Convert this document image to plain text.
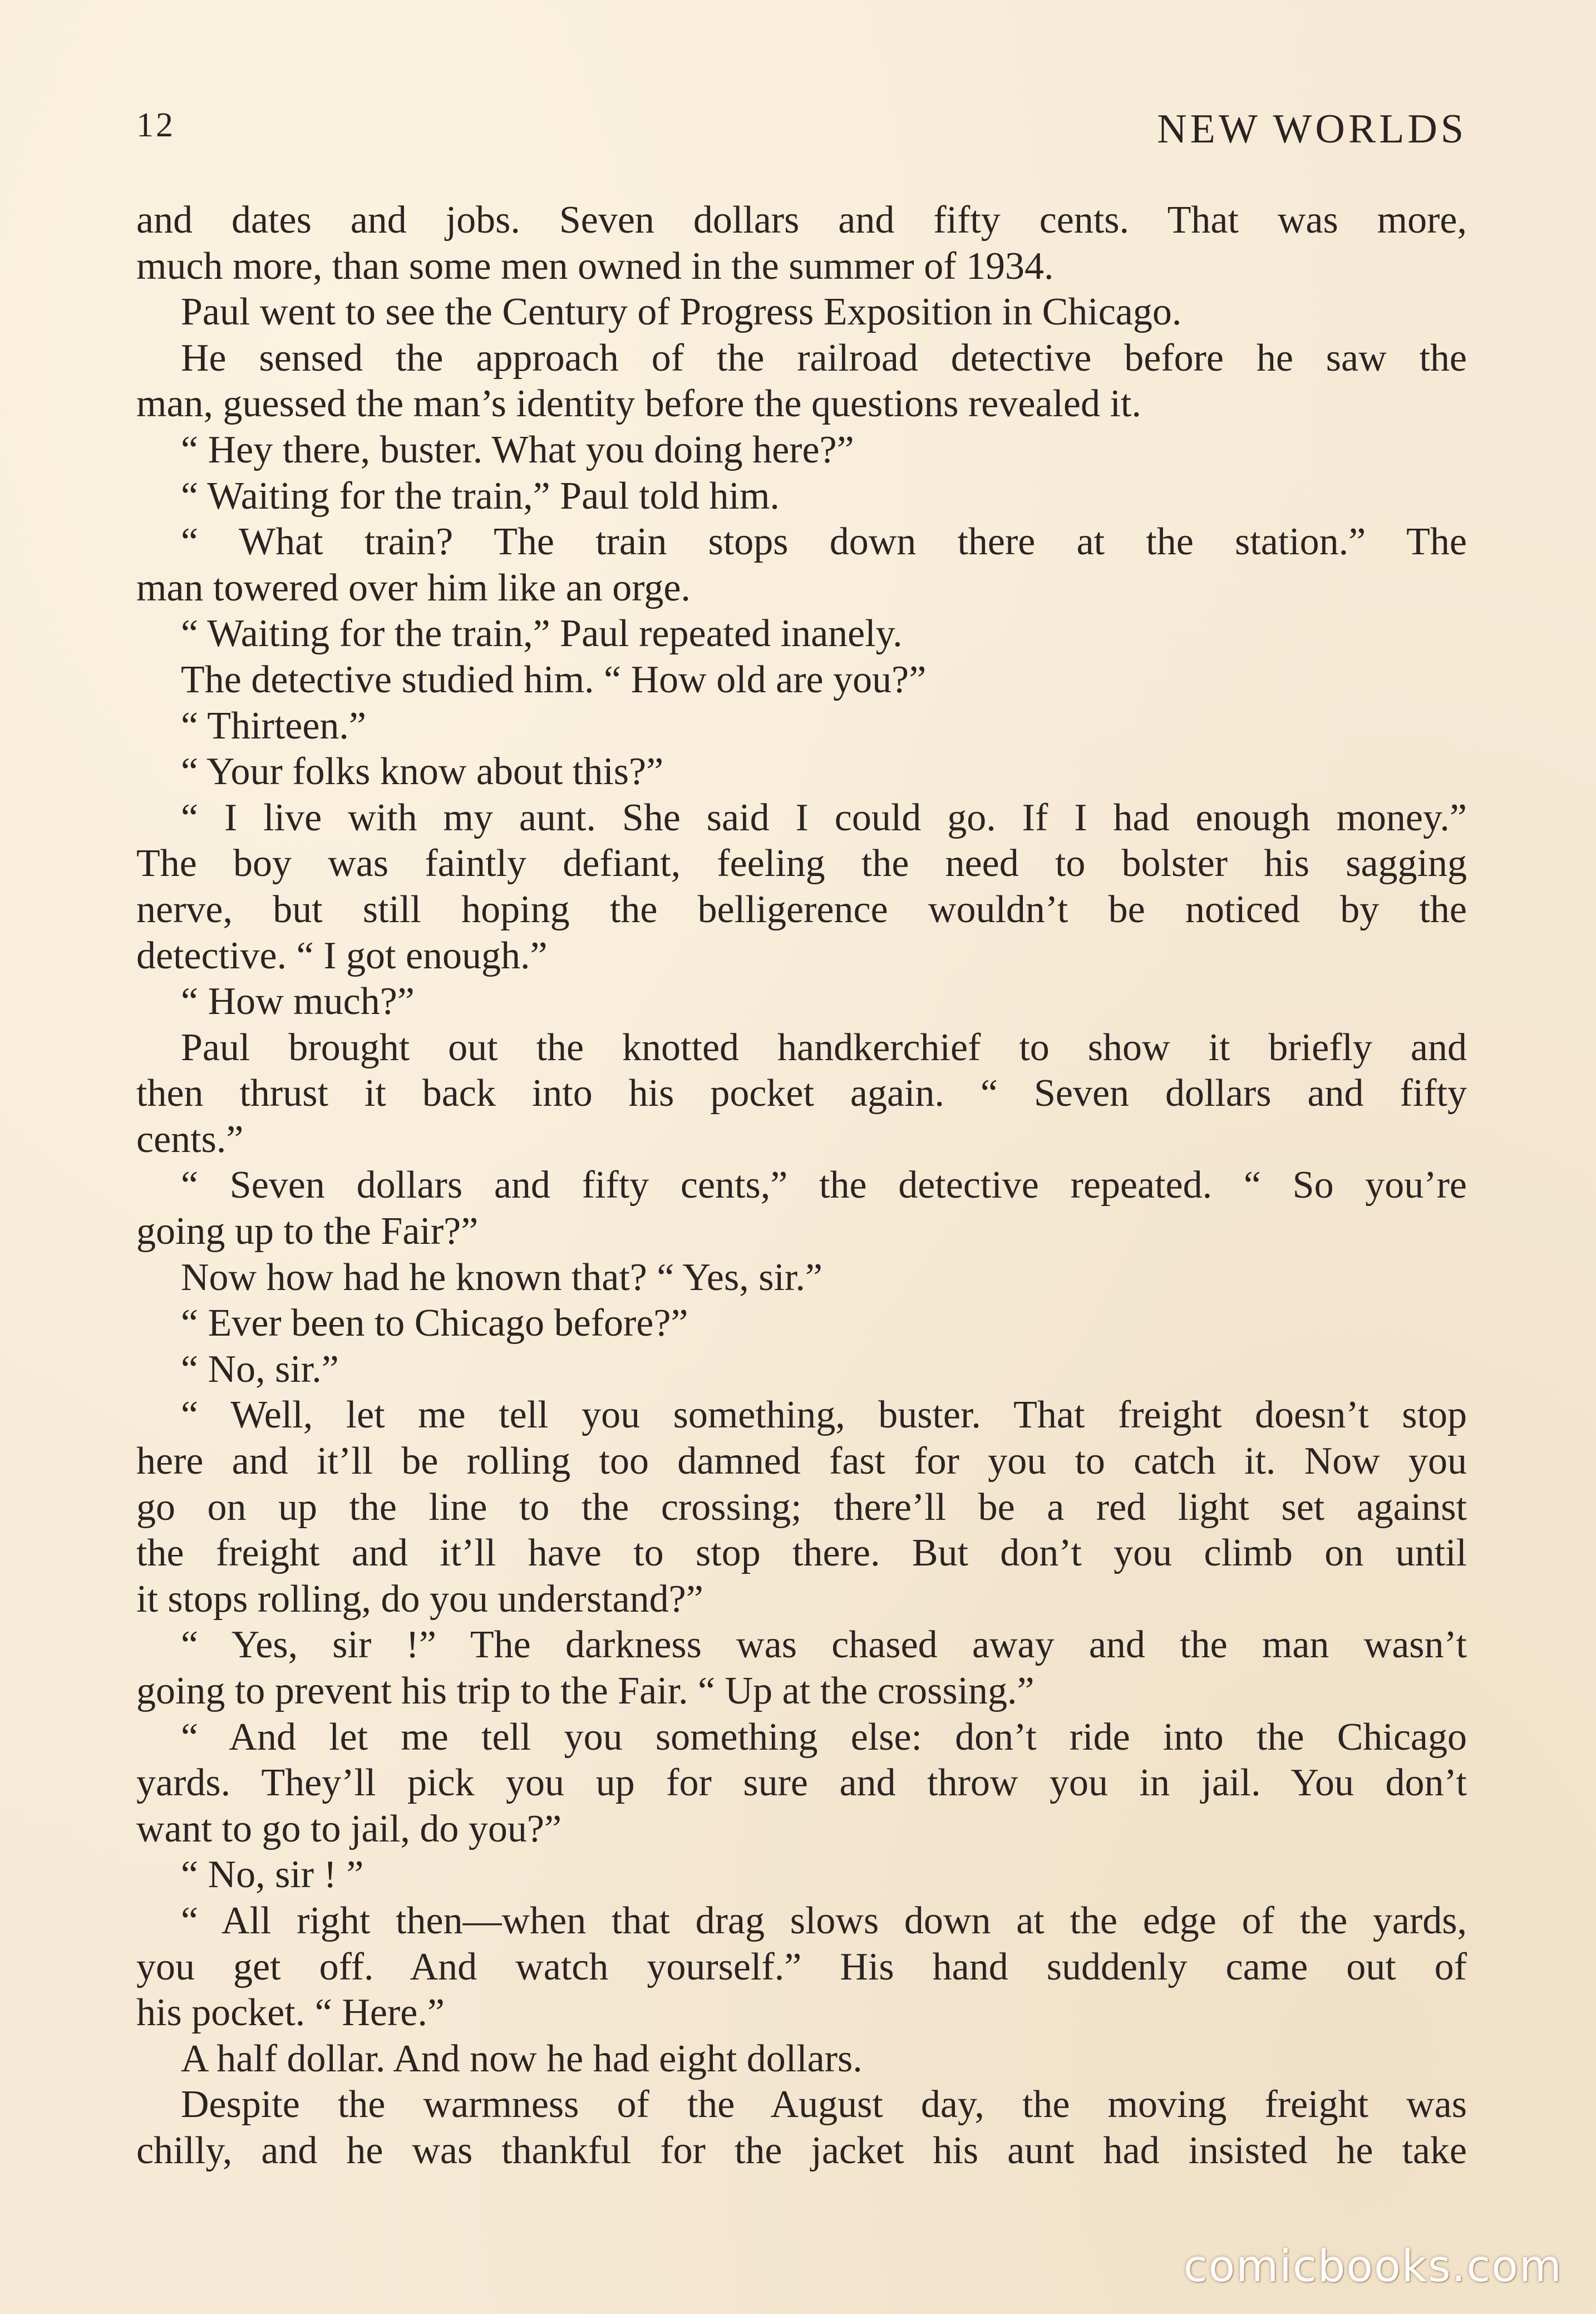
12	NEW WORLDS
and dates and jobs. Seven dollars and fifty cents. That was more,
much more, than some men owned in the summer of 1934.
Paul went to see the Century of Progress Exposition in Chicago.
He sensed the approach of the railroad detective before he saw the
man, guessed the man’s identity before the questions revealed it.
“ Hey there, buster. What you doing here?”
“ Waiting for the train,” Paul told him.
“ What train? The train stops down there at the station.” The
man towered over him like an orge.
“ Waiting for the train,” Paul repeated inanely.
The detective studied him. “ How old are you?”
“ Thirteen.”
“ Your folks know about this?”
“ I live with my aunt. She said I could go. If I had enough money.”
The boy was faintly defiant, feeling the need to bolster his sagging
nerve, but still hoping the belligerence wouldn’t be noticed by the
detective. “ I got enough.”
“ How much?”
Paul brought out the knotted handkerchief to show it briefly and
then thrust it back into his pocket again. “ Seven dollars and fifty
cents.”
“ Seven dollars and fifty cents,” the detective repeated. “ So you’re
going up to the Fair?”
Now how had he known that? “ Yes, sir.”
“ Ever been to Chicago before?”
“ No, sir.”
“ Well, let me tell you something, buster. That freight doesn’t stop
here and it’ll be rolling too damned fast for you to catch it. Now you
go on up the line to the crossing; there’ll be a red light set against
the freight and it’ll have to stop there. But don’t you climb on until
it stops rolling, do you understand?”
“ Yes, sir !” The darkness was chased away and the man wasn’t
going to prevent his trip to the Fair. “ Up at the crossing.”
“ And let me tell you something else: don’t ride into the Chicago
yards. They’ll pick you up for sure and throw you in jail. You don’t
want to go to jail, do you?”
“ No, sir ! ”
“ All right then—when that drag slows down at the edge of the yards,
you get off. And watch yourself.” His hand suddenly came out of
his pocket. “ Here.”
A half dollar. And now he had eight dollars.
Despite the warmness of the August day, the moving freight was
chilly, and he was thankful for the jacket his aunt had insisted he take
comicbooks.com
